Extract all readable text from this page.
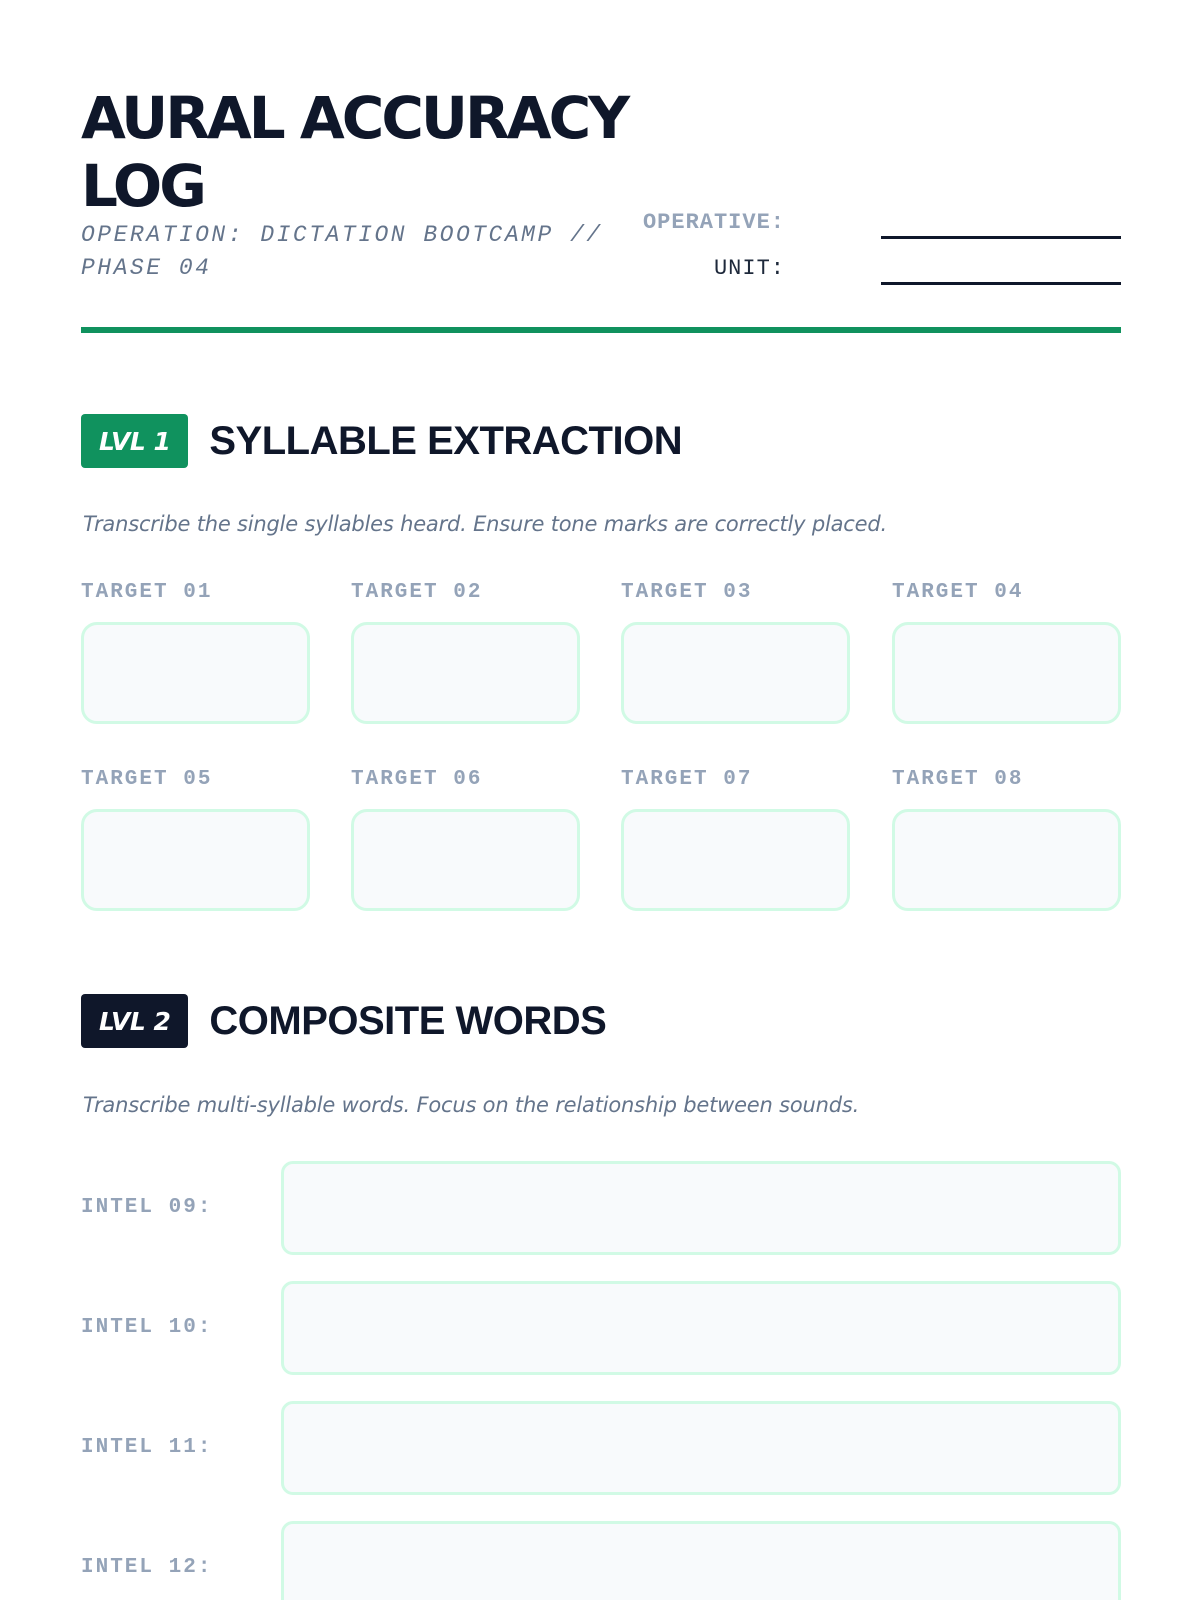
AURAL ACCURACY LOG

OPERATION: DICTATION BOOTCAMP // PHASE 04

OPERATIVE:
UNIT:
LVL 1 SYLLABLE EXTRACTION
Transcribe the single syllables heard. Ensure tone marks are correctly placed.
TARGET 01	TARGET 02	TARGET 03	TARGET 04
TARGET 05	TARGET 06	TARGET 07	TARGET 08
LVL 2 COMPOSITE WORDS
Transcribe multi-syllable words. Focus on the relationship between sounds.
INTEL 09:
INTEL 10:
INTEL 11:
INTEL 12:
